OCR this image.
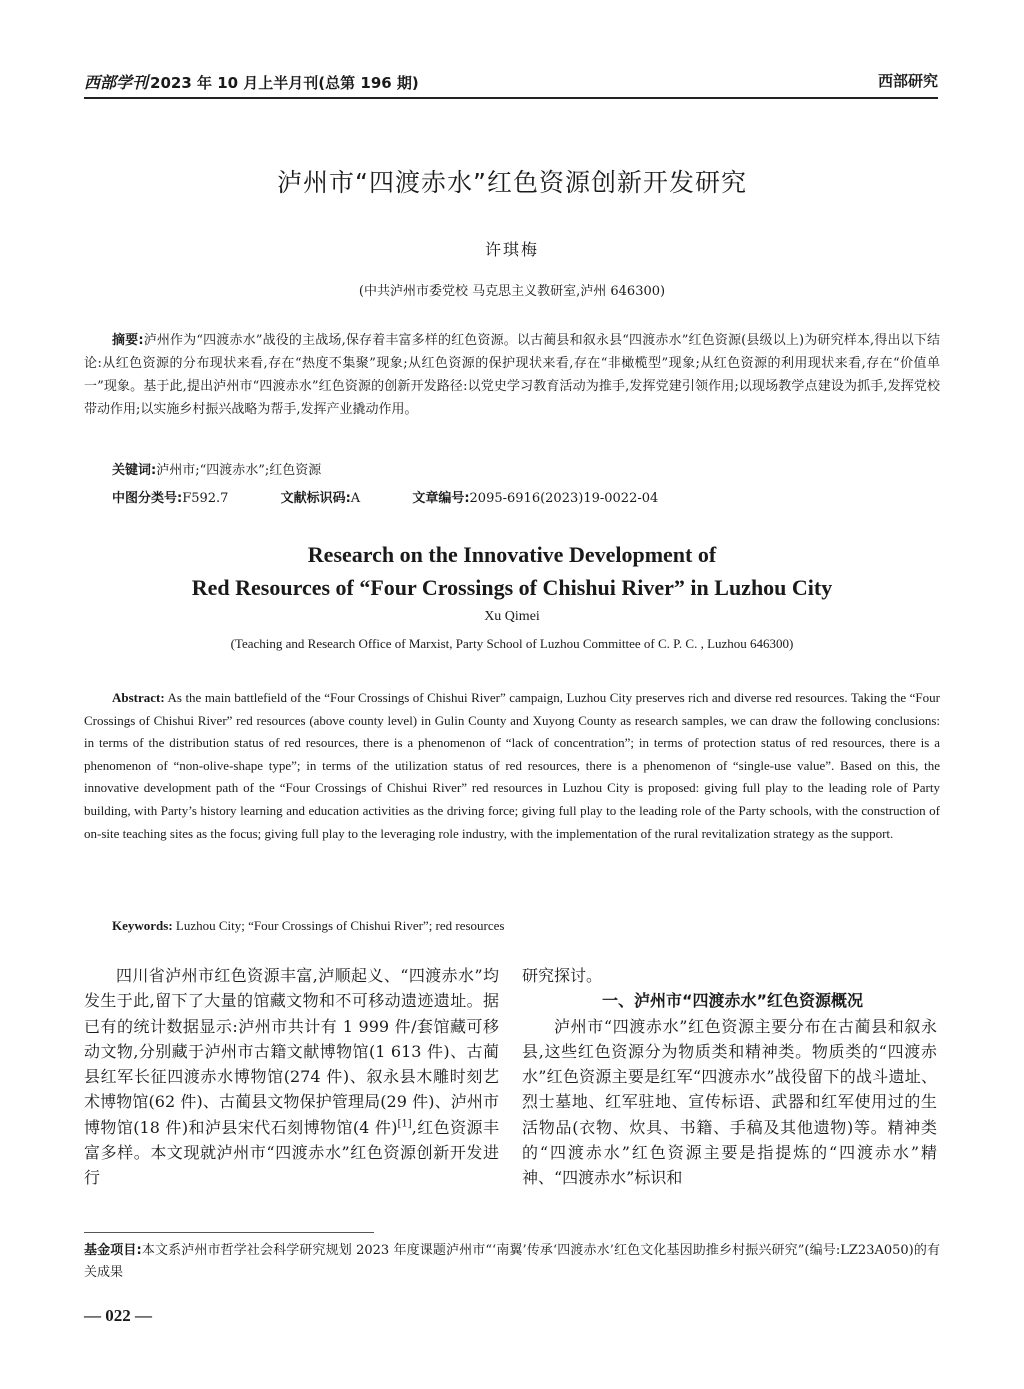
西部学刊 2023 年 10 月上半月刊(总第 196 期)	西部研究
泸州市“四渡赤水”红色资源创新开发研究
许琪梅
(中共泸州市委党校 马克思主义教研室,泸州 646300)
摘要:泸州作为“四渡赤水”战役的主战场,保存着丰富多样的红色资源。以古蔺县和叙永县“四渡赤水”红色资源(县级以上)为研究样本,得出以下结论:从红色资源的分布现状来看,存在“热度不集聚”现象;从红色资源的保护现状来看,存在“非橄榄型”现象;从红色资源的利用现状来看,存在“价值单一”现象。基于此,提出泸州市“四渡赤水”红色资源的创新开发路径:以党史学习教育活动为推手,发挥党建引领作用;以现场教学点建设为抓手,发挥党校带动作用;以实施乡村振兴战略为帮手,发挥产业撬动作用。
关键词:泸州市;“四渡赤水”;红色资源
中图分类号:F592.7	文献标识码:A	文章编号:2095-6916(2023)19-0022-04
Research on the Innovative Development of
Red Resources of “Four Crossings of Chishui River” in Luzhou City
Xu Qimei
(Teaching and Research Office of Marxist, Party School of Luzhou Committee of C. P. C. , Luzhou 646300)
Abstract: As the main battlefield of the “Four Crossings of Chishui River” campaign, Luzhou City preserves rich and diverse red resources. Taking the “Four Crossings of Chishui River” red resources (above county level) in Gulin County and Xuyong County as research samples, we can draw the following conclusions: in terms of the distribution status of red resources, there is a phenomenon of “lack of concentration”; in terms of protection status of red resources, there is a phenomenon of “non-olive-shape type”; in terms of the utilization status of red resources, there is a phenomenon of “single-use value”. Based on this, the innovative development path of the “Four Crossings of Chishui River” red resources in Luzhou City is proposed: giving full play to the leading role of Party building, with Party’s history learning and education activities as the driving force; giving full play to the leading role of the Party schools, with the construction of on-site teaching sites as the focus; giving full play to the leveraging role industry, with the implementation of the rural revitalization strategy as the support.
Keywords: Luzhou City; “Four Crossings of Chishui River”; red resources

四川省泸州市红色资源丰富,泸顺起义、“四渡赤水”均发生于此,留下了大量的馆藏文物和不可移动遗迹遗址。据已有的统计数据显示:泸州市共计有 1 999 件/套馆藏可移动文物,分别藏于泸州市古籍文献博物馆(1 613 件)、古蔺县红军长征四渡赤水博物馆(274 件)、叙永县木雕时刻艺术博物馆(62 件)、古蔺县文物保护管理局(29 件)、泸州市博物馆(18 件)和泸县宋代石刻博物馆(4 件)[1],红色资源丰富多样。本文现就泸州市“四渡赤水”红色资源创新开发进行

研究探讨。

一、泸州市“四渡赤水”红色资源概况

泸州市“四渡赤水”红色资源主要分布在古蔺县和叙永县,这些红色资源分为物质类和精神类。物质类的“四渡赤水”红色资源主要是红军“四渡赤水”战役留下的战斗遗址、烈士墓地、红军驻地、宣传标语、武器和红军使用过的生活物品(衣物、炊具、书籍、手稿及其他遗物)等。精神类的“四渡赤水”红色资源主要是指提炼的“四渡赤水”精神、“四渡赤水”标识和

基金项目:本文系泸州市哲学社会科学研究规划 2023 年度课题泸州市“‘南翼’传承‘四渡赤水’红色文化基因助推乡村振兴研究”(编号:LZ23A050)的有关成果
— 022 —
